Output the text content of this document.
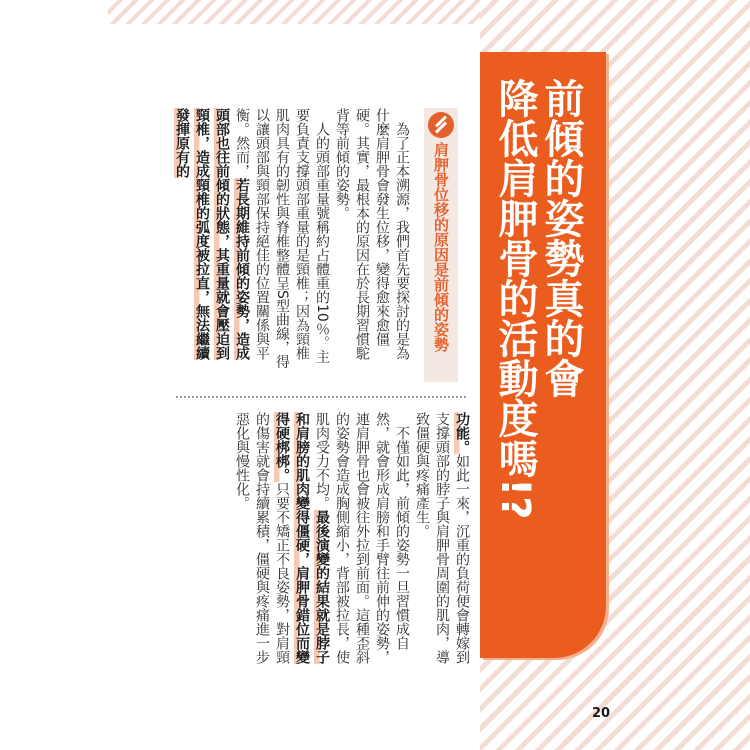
前傾的姿勢真的會
降低肩胛骨的活動度嗎!?
肩胛骨位移的原因是前傾的姿勢

為了正本溯源，我們首先要探討的是為什麼肩胛骨會發生位移，變得愈來愈僵硬。其實，最根本的原因在於長期習慣駝背等前傾的姿勢。

人的頭部重量號稱約占體重的10％。主要負責支撐頭部重量的是頸椎；因為頸椎肌肉具有的韌性與脊椎整體呈S型曲線，得以讓頭部與頸部保持絕佳的位置關係與平衡。然而，若長期維持前傾的姿勢，造成頭部也往前傾的狀態，其重量就會壓迫到頸椎，造成頸椎的弧度被拉直，無法繼續發揮原有的

功能。如此一來，沉重的負荷便會轉嫁到支撐頭部的脖子與肩胛骨周圍的肌肉，導致僵硬與疼痛產生。

不僅如此，前傾的姿勢一旦習慣成自然，就會形成肩膀和手臂往前伸的姿勢，連肩胛骨也會被往外拉到前面。這種歪斜的姿勢會造成胸側縮小，背部被拉長，使肌肉受力不均。最後演變的結果就是脖子和肩膀的肌肉變得僵硬，肩胛骨錯位而變得硬梆梆。只要不矯正不良姿勢，對肩頸的傷害就會持續累積，僵硬與疼痛進一步惡化與慢性化。

20
